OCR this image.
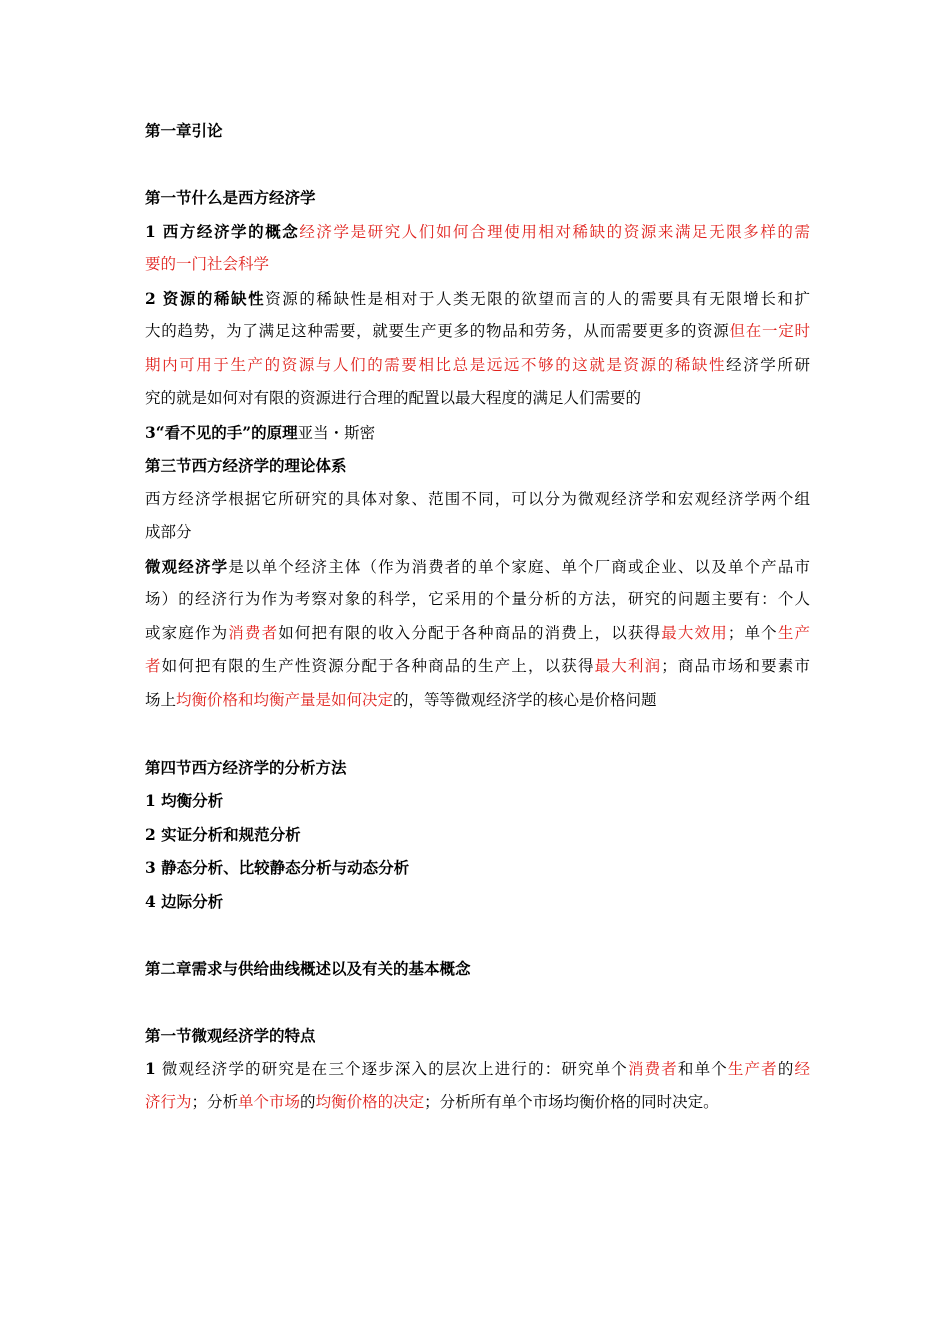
第一章引论
第一节什么是西方经济学
1 西方经济学的概念经济学是研究人们如何合理使用相对稀缺的资源来满足无限多样的需
要的一门社会科学
2 资源的稀缺性资源的稀缺性是相对于人类无限的欲望而言的人的需要具有无限增长和扩
大的趋势，为了满足这种需要，就要生产更多的物品和劳务，从而需要更多的资源但在一定时
期内可用于生产的资源与人们的需要相比总是远远不够的这就是资源的稀缺性经济学所研
究的就是如何对有限的资源进行合理的配置以最大程度的满足人们需要的
3“看不见的手”的原理亚当・斯密
第三节西方经济学的理论体系
西方经济学根据它所研究的具体对象、范围不同，可以分为微观经济学和宏观经济学两个组
成部分
微观经济学是以单个经济主体（作为消费者的单个家庭、单个厂商或企业、以及单个产品市
场）的经济行为作为考察对象的科学，它采用的个量分析的方法，研究的问题主要有：个人
或家庭作为消费者如何把有限的收入分配于各种商品的消费上，以获得最大效用；单个生产
者如何把有限的生产性资源分配于各种商品的生产上，以获得最大利润；商品市场和要素市
场上均衡价格和均衡产量是如何决定的，等等微观经济学的核心是价格问题
第四节西方经济学的分析方法
1 均衡分析
2 实证分析和规范分析
3 静态分析、比较静态分析与动态分析
4 边际分析
第二章需求与供给曲线概述以及有关的基本概念
第一节微观经济学的特点
1 微观经济学的研究是在三个逐步深入的层次上进行的：研究单个消费者和单个生产者的经
济行为；分析单个市场的均衡价格的决定；分析所有单个市场均衡价格的同时决定。
